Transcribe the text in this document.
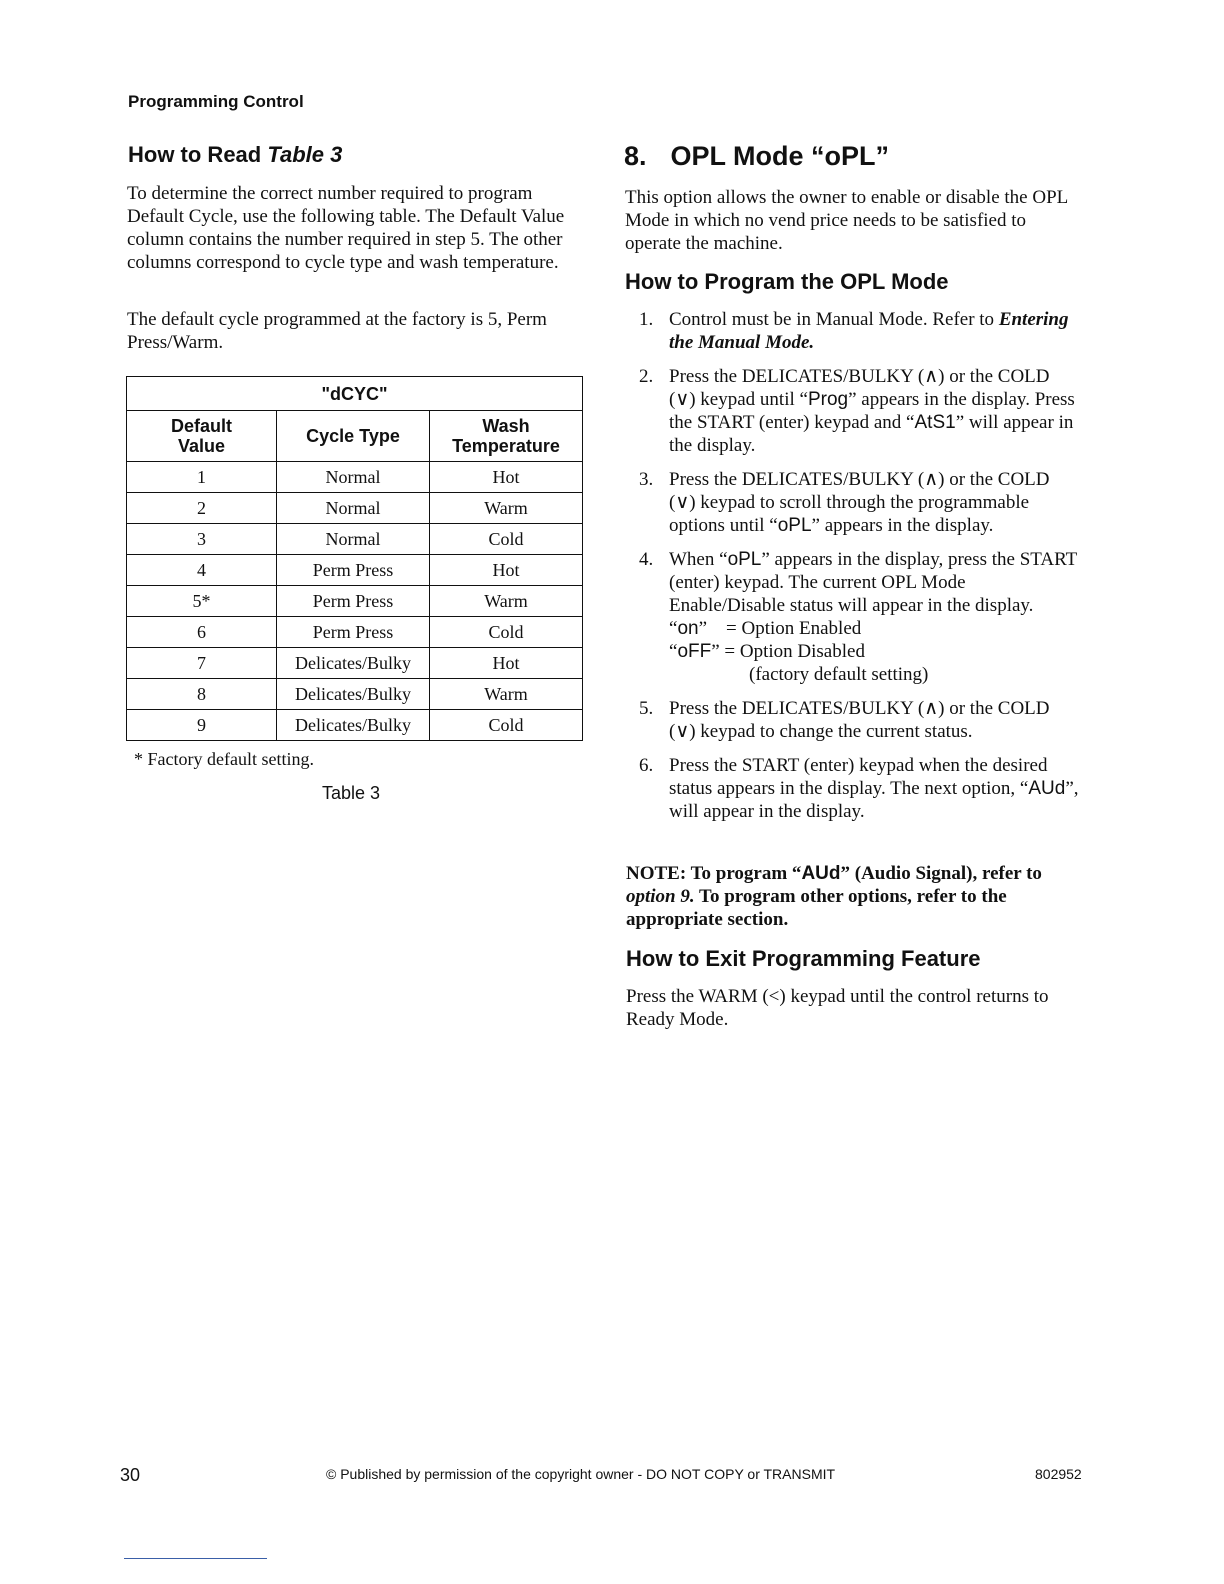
Programming Control
How to Read Table 3
To determine the correct number required to program Default Cycle, use the following table. The Default Value column contains the number required in step 5. The other columns correspond to cycle type and wash temperature.
The default cycle programmed at the factory is 5, Perm Press/Warm.
"dCYC"		
Default Value	Cycle Type	Wash Temperature
1	Normal	Hot
2	Normal	Warm
3	Normal	Cold
4	Perm Press	Hot
5*	Perm Press	Warm
6	Perm Press	Cold
7	Delicates/Bulky	Hot
8	Delicates/Bulky	Warm
9	Delicates/Bulky	Cold
* Factory default setting.
Table 3
8. OPL Mode “oPL”
This option allows the owner to enable or disable the OPL Mode in which no vend price needs to be satisfied to operate the machine.
How to Program the OPL Mode
1. Control must be in Manual Mode. Refer to Entering the Manual Mode.
2. Press the DELICATES/BULKY (∧) or the COLD (∨) keypad until “Prog” appears in the display. Press the START (enter) keypad and “AtS1” will appear in the display.
3. Press the DELICATES/BULKY (∧) or the COLD (∨) keypad to scroll through the programmable options until “oPL” appears in the display.
4. When “oPL” appears in the display, press the START (enter) keypad. The current OPL Mode Enable/Disable status will appear in the display.
“on”    = Option Enabled
“oFF” = Option Disabled
(factory default setting)
5. Press the DELICATES/BULKY (∧) or the COLD (∨) keypad to change the current status.
6. Press the START (enter) keypad when the desired status appears in the display. The next option, “AUd”, will appear in the display.
NOTE: To program “AUd” (Audio Signal), refer to option 9. To program other options, refer to the appropriate section.
How to Exit Programming Feature
Press the WARM (<) keypad until the control returns to Ready Mode.
30	© Published by permission of the copyright owner - DO NOT COPY or TRANSMIT	802952
